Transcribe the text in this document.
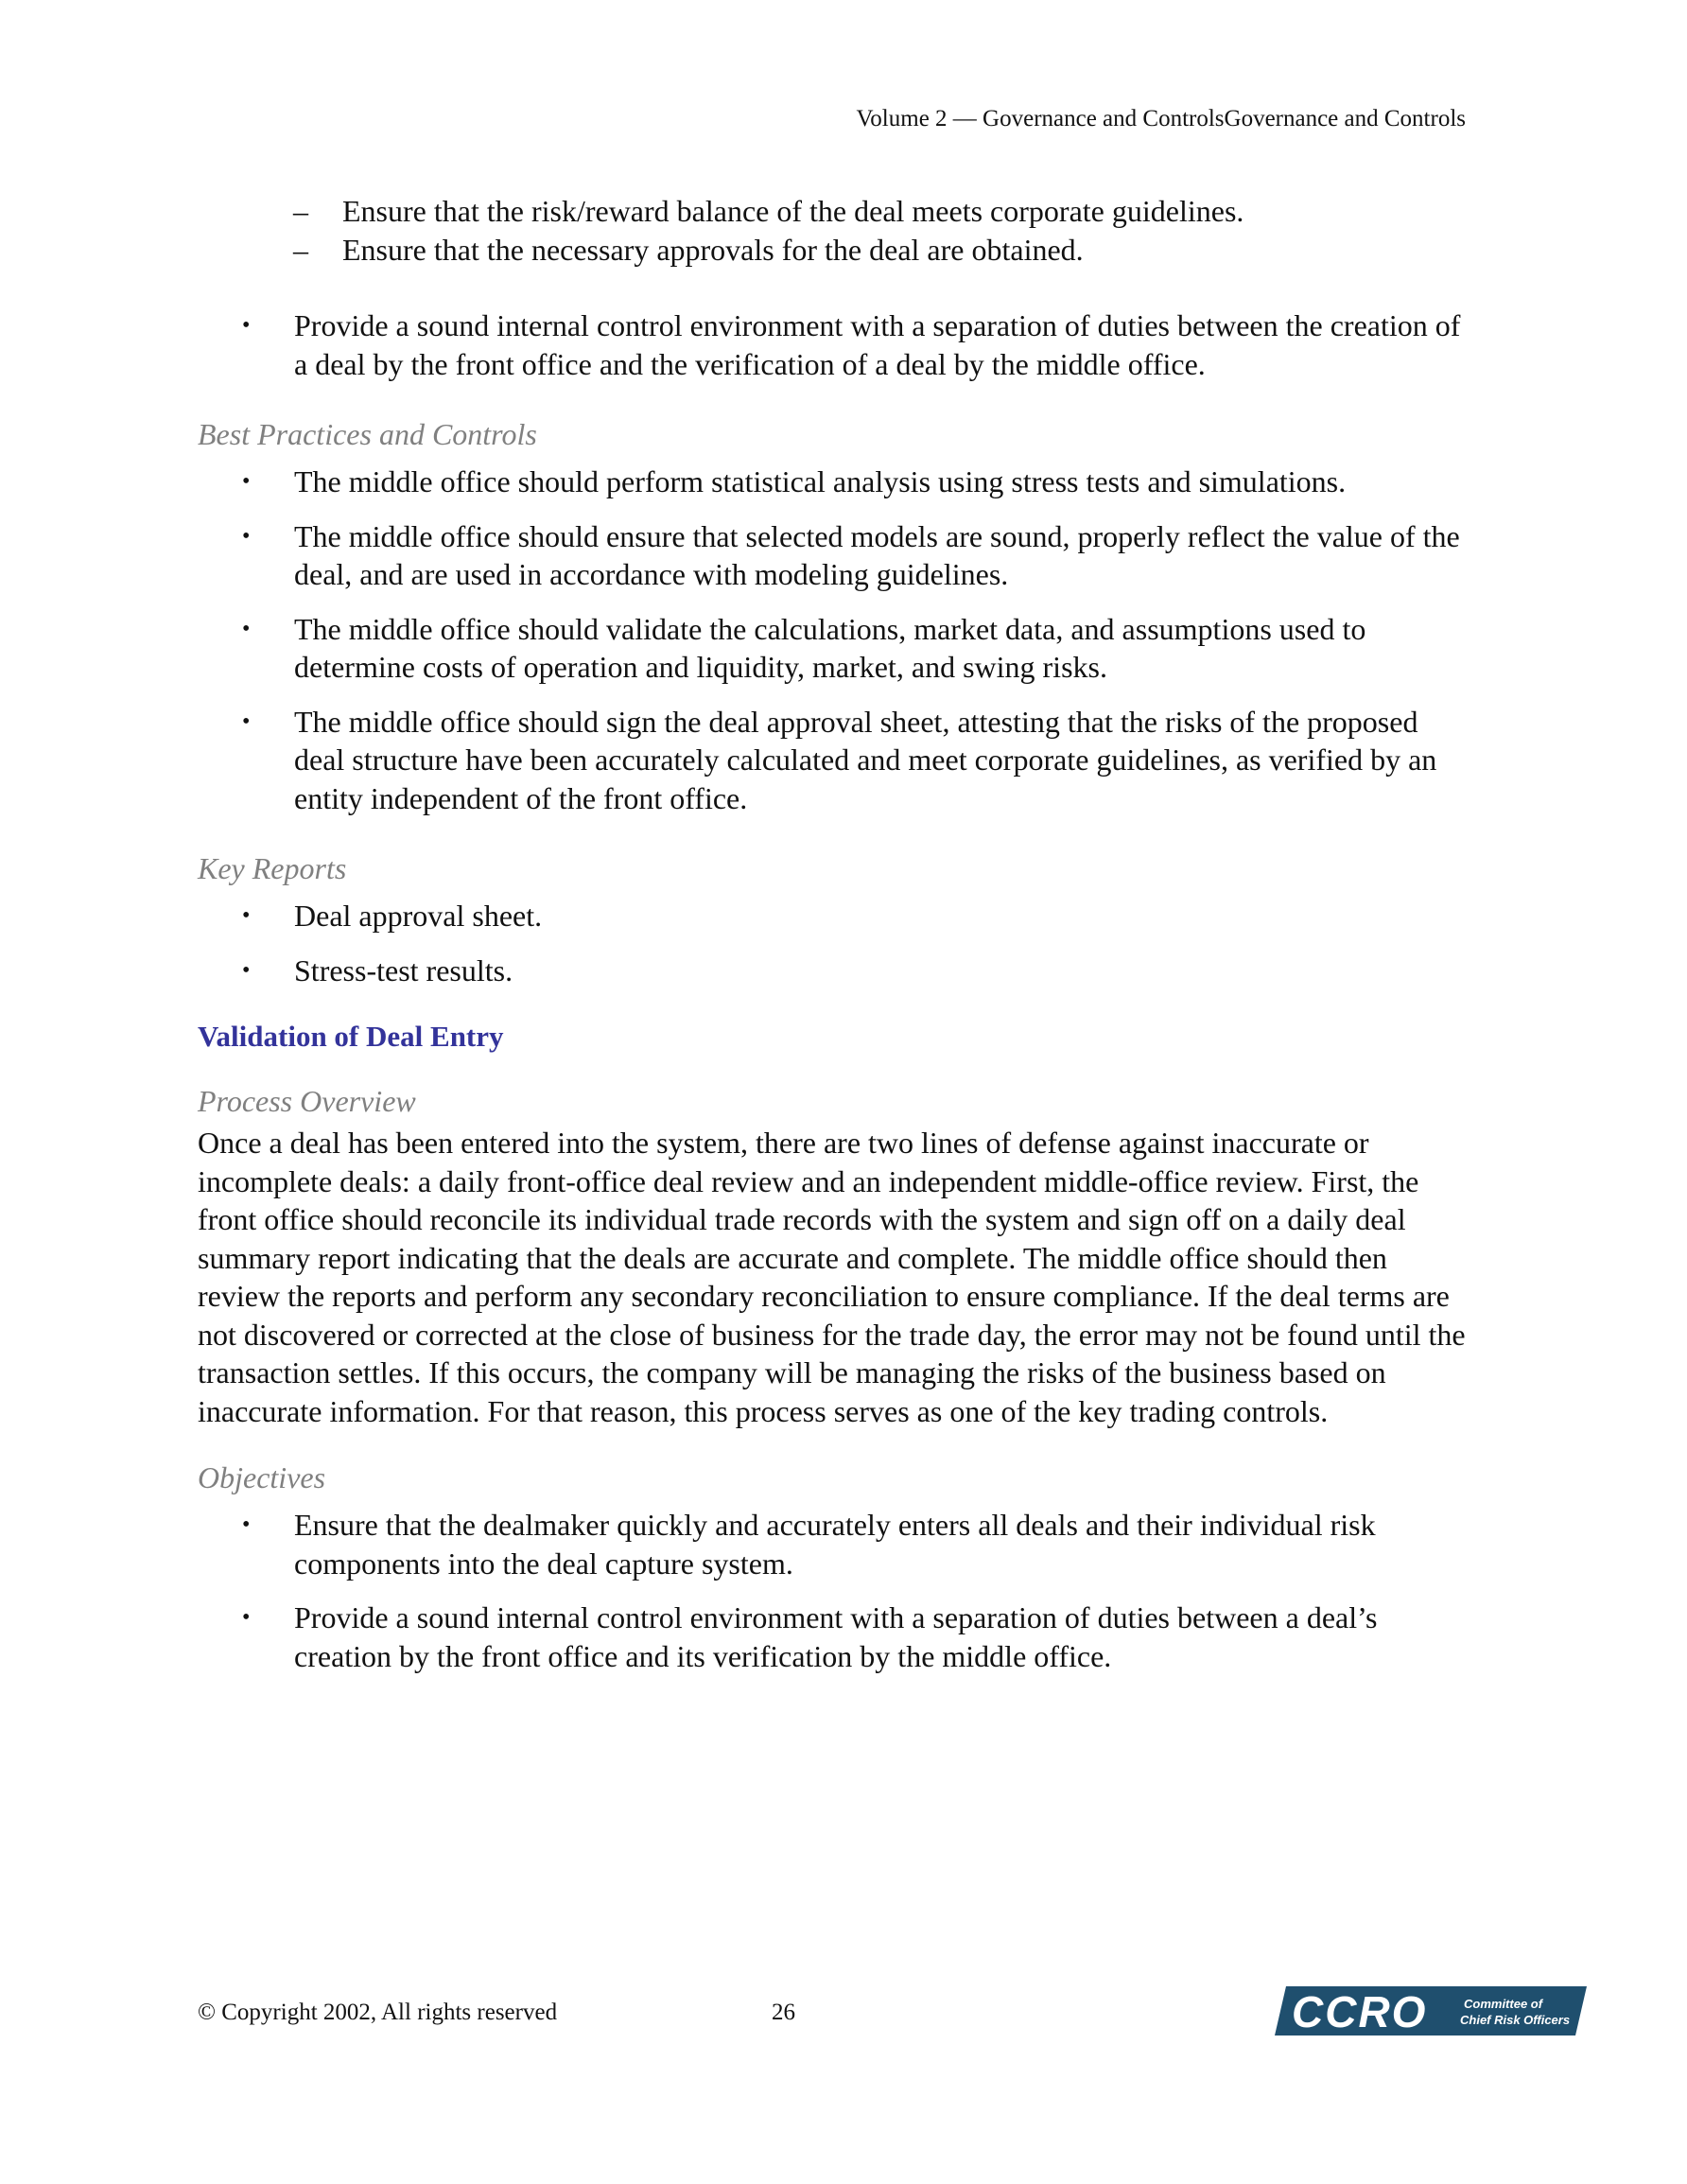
Volume 2 — Governance and ControlsGovernance and Controls
– Ensure that the risk/reward balance of the deal meets corporate guidelines.
– Ensure that the necessary approvals for the deal are obtained.
• Provide a sound internal control environment with a separation of duties between the creation of a deal by the front office and the verification of a deal by the middle office.
Best Practices and Controls
• The middle office should perform statistical analysis using stress tests and simulations.
• The middle office should ensure that selected models are sound, properly reflect the value of the deal, and are used in accordance with modeling guidelines.
• The middle office should validate the calculations, market data, and assumptions used to determine costs of operation and liquidity, market, and swing risks.
• The middle office should sign the deal approval sheet, attesting that the risks of the proposed deal structure have been accurately calculated and meet corporate guidelines, as verified by an entity independent of the front office.
Key Reports
• Deal approval sheet.
• Stress-test results.
Validation of Deal Entry
Process Overview

Once a deal has been entered into the system, there are two lines of defense against inaccurate or incomplete deals: a daily front-office deal review and an independent middle-office review. First, the front office should reconcile its individual trade records with the system and sign off on a daily deal summary report indicating that the deals are accurate and complete. The middle office should then review the reports and perform any secondary reconciliation to ensure compliance. If the deal terms are not discovered or corrected at the close of business for the trade day, the error may not be found until the transaction settles. If this occurs, the company will be managing the risks of the business based on inaccurate information. For that reason, this process serves as one of the key trading controls.

Objectives
• Ensure that the dealmaker quickly and accurately enters all deals and their individual risk components into the deal capture system.
• Provide a sound internal control environment with a separation of duties between a deal’s creation by the front office and its verification by the middle office.
© Copyright 2002, All rights reserved	26	CCRO	Committee of
Chief Risk Officers
